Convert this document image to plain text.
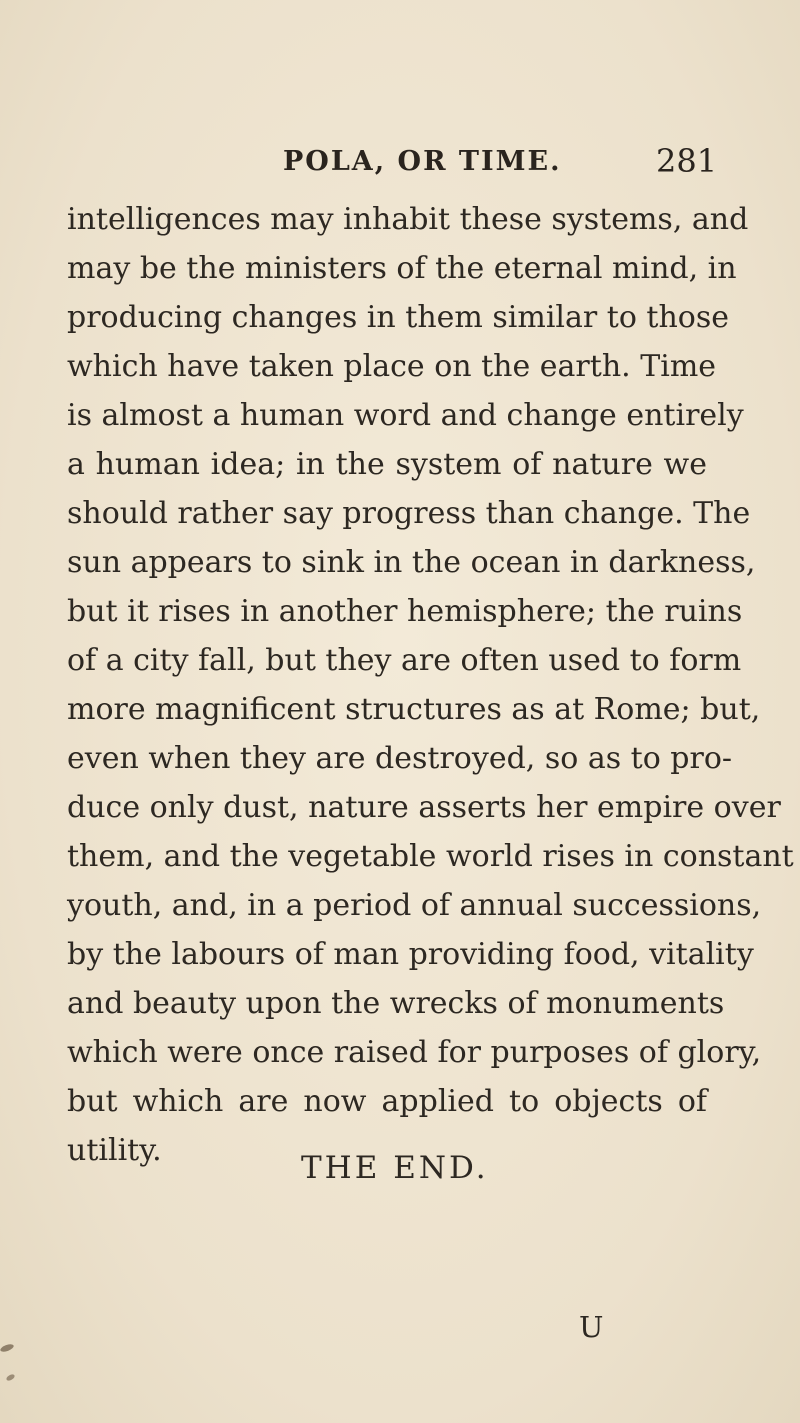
POLA, OR TIME.	281
intelligences may inhabit these systems, and
may be the ministers of the eternal mind, in
producing changes in them similar to those
which have taken place on the earth. Time
is almost a human word and change entirely
a human idea; in the system of nature we
should rather say progress than change. The
sun appears to sink in the ocean in darkness,
but it rises in another hemisphere; the ruins
of a city fall, but they are often used to form
more magnificent structures as at Rome; but,
even when they are destroyed, so as to pro-
duce only dust, nature asserts her empire over
them, and the vegetable world rises in constant
youth, and, in a period of annual successions,
by the labours of man providing food, vitality
and beauty upon the wrecks of monuments
which were once raised for purposes of glory,
but which are now applied to objects of
utility.	THE END.
U
